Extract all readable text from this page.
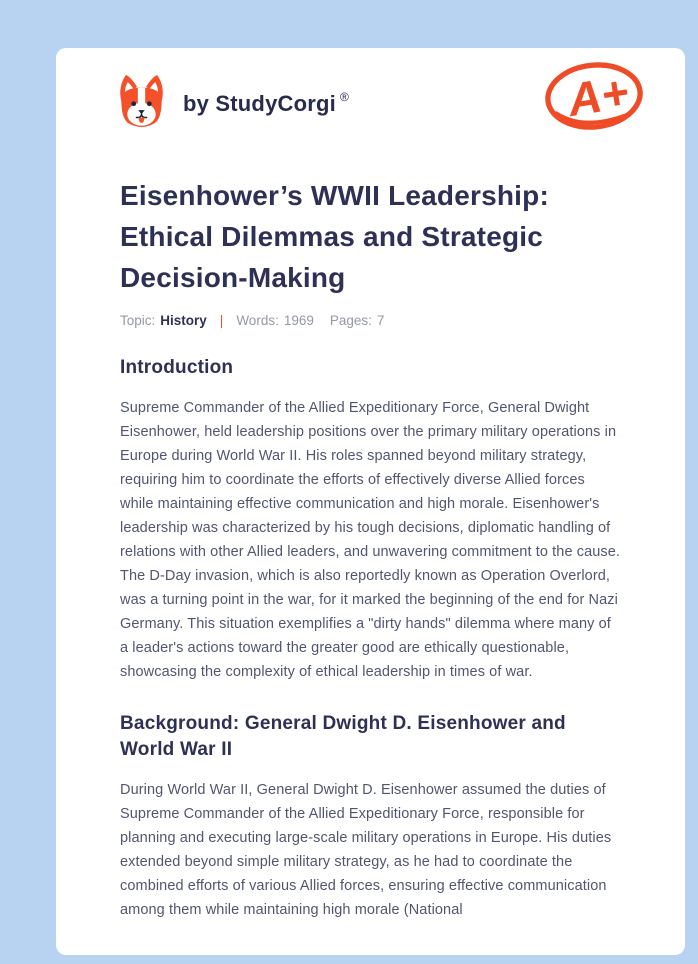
by StudyCorgi ®	A+
Eisenhower’s WWII Leadership: Ethical Dilemmas and Strategic Decision-Making
Topic: History | Words: 1969 Pages: 7
Introduction

Supreme Commander of the Allied Expeditionary Force, General Dwight Eisenhower, held leadership positions over the primary military operations in Europe during World War II. His roles spanned beyond military strategy, requiring him to coordinate the efforts of effectively diverse Allied forces while maintaining effective communication and high morale. Eisenhower's leadership was characterized by his tough decisions, diplomatic handling of relations with other Allied leaders, and unwavering commitment to the cause. The D-Day invasion, which is also reportedly known as Operation Overlord, was a turning point in the war, for it marked the beginning of the end for Nazi Germany. This situation exemplifies a "dirty hands" dilemma where many of a leader's actions toward the greater good are ethically questionable, showcasing the complexity of ethical leadership in times of war.

Background: General Dwight D. Eisenhower and World War II

During World War II, General Dwight D. Eisenhower assumed the duties of Supreme Commander of the Allied Expeditionary Force, responsible for planning and executing large-scale military operations in Europe. His duties extended beyond simple military strategy, as he had to coordinate the combined efforts of various Allied forces, ensuring effective communication among them while maintaining high morale (National
